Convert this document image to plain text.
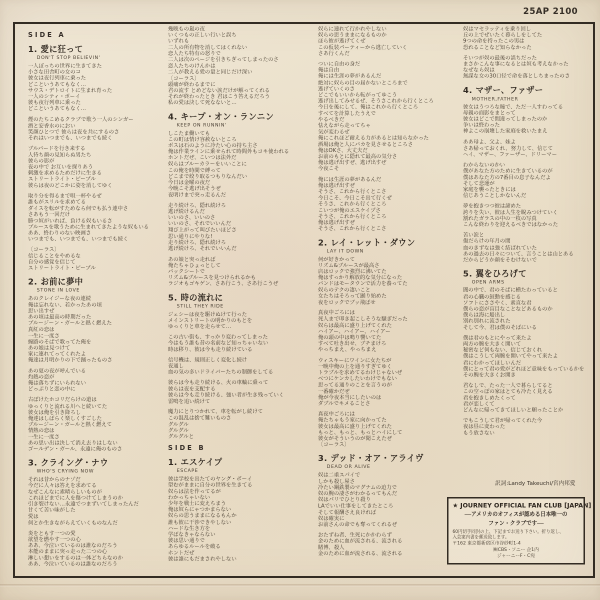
25AP 2100
SIDE A
1. 愛に狂って
DON'T STOP BELIEVIN'
一人ぼっちの世界に生きてきた
小さな田舎町の女のコ
彼女は夜行列車に乗った
どこというあてもなく…
サウス・デトロイトに生まれ育った
一人のシティ・ボーイ
彼も夜行列車に乗った
どこというあてもなく…
煙のたちこめるクラブで歌う一人のシンガー
酒と安香水のにおい
笑顔ひとつで 彼らは夜を共にするのさ
それはいつまでも、いつまでも続く
ブルバードを行き来する
人待ち顔の見知らぬ男たち
彼らの影が
夜の中で お互いを探りあう
刺激を求めるためだけに生きる
ストリートライト・ピープル
彼らは夜のどこかに姿を消してゆく
取り分を得るまで唄一杯やるぜ
誰もがスリルを求めてる
ダイスを転がすためなら何でも払う連中さ
さあもう一回だけ
勝つ奴がいれば、負ける奴もいるさ
ブルースを歌うために生まれてきたような奴もいる
ああ、終わりのない映画さ
いつまでも、いつまでも、いつまでも続く
〔コーラス〕
信じることをやめるな
自分の感覚を信じて
ストリートライト・ピープル
2. お前に夢中
STONE IN LOVE
あのクレイジーな夜の連続
俺は忘れない、若かったあの頃
思い出すぜ
あの頃は最高の時期だった
ブルージーン・ガールと熱く燃えた
真紅の恋は
一生に一度さ
線路のそばで歌ってた俺を
あの娘は見つけて
家に連れてってくれたよ
俺達は月明かりの下で踊ったものさ
あの夏の夜が呼んでいる
灼熱の恋が
俺は落ちずにいられない
どっぷりと恋の中に
古ぼけたホコリだらけの道は
ゆっくりと流れる川へと続いてた
彼女は俺を引き降ろし
俺達はしばらく楽しくすごした
ブルージーン・ガールと熱く燃えて
情熱の恋は
一生に一度さ
あの思い出は決して消え去りはしない
ゴールデン・ガール、永遠に俺のものさ
3. クライング・ナウ
WHO'S CRYING NOW
それは昔からのナゾだ
今だに人々は答えを求めてる
なぜこんなに素晴らしいものが
これほどまでに人を傷つけてしまうのか
引き裂けない…永遠でつまずいてしまったんだ
甘くて苦い味がした
愛は
何とか生きながらえていくものなんだ
炎をともす一つの愛
欲望を燃やす一つの心
ああ、今泣いているのは誰なのだろう
本能のままに突っ走った二つの心
淋しい想いをするのは一体どちらなのか
ああ、今泣いているのは誰なのだろう
幾晩もの嵐の夜
いくつもの正しい行いと誤ち
いずれも
二人の所有物を消してはくれない
恋人たち特有の怒りで
二人は次のページを引きちぎってしまったのさ
恋人たちのけんかは
二人が教える愛の量と同じだけ深い
〔コーラス〕
頭痛が終わるまでに
君の流す とめどない涙だけが解ってくれる
それが終わったとき 君はこう答えるだろう
私の愛は決して死なないと…
4. キープ・オン・ランニン
KEEP ON RUNNIN'
しこたま働いても
この町は情け容赦ないところ
ボスは石のように冷たい心の持ち主さ
俺は作業ラインに乗せられて時間外もコキ使われる
ホントだぜ、こいつは法外だ
奴らはブルーカラーをいいことに
この俺を時間で縛って
どこまで絞り取るつもりなんだい
今日は金曜の夜だ
今晩こそ逃げ出そうぜ
夜明けまで突っ走るんだ
走り続けろ、隠れ続けろ
逃げ続けるんだ
いいのさ、いいのさ
いいのさ、それでいいんだ
翔び上がって叫びたいほどさ
思い通りにやりな!
走り続けろ、隠れ続けろ
逃げ続けろ、それでいいんだ
あの娘と突っ走れば
俺たちゃひょっとして
バックシートで
リズム&ブルースを見つけられるかも
ラジオもゴキゲン、さあ行こう、さあ行こうぜ
5. 時の流れに
STILL THEY RIDE
ジェシーは夜を駆けぬけて行った
メインストリートの明かりのもとを
ゆっくりと車を走らせて…
この古い街も、すっかり変わってしまった
今はもう誰も昔の名前など知っちゃいない
時は移り、彼は今も走り続けている
信号機は、規則正しく変化し続け
夜通し
血の気の多いドライバーたちの制御をしてる
彼らは今も走り続ける、火の車輪に乗って
彼らは夜を支配する
彼らは今も走り続ける、強い者が生き残っていく
雷鳴を追い続けて
魔力にとりつかれて、車を転がし続けて
この混乱は捨て難いものさ
グルグル
グルグル
グルグルと
SIDE B
1. エスケイプ
ESCAPE
彼は学校を出たてのヤング・ボーイ
望むがままに自分の世界を生きてる
奴らは法を作ってるが
わかっちゃいない
少年を戦士に変えちまう
俺は奴らにゃつかまらない
奴らの思うままになるもんか
誰も彼に干渉できやしない
ハードな生き方を
学ばなきゃならない
彼は思い通りで
あらゆるルールを破る
ホントだぜ
彼は誰にもだまされやしない
奴らに連れて行かれやしない
奴らの思うままになるものか
ほら彼が逃げてくぜ
この仮装パーティーから逃亡していく
さあ行くんだ
ついに自由の身だ
俺は自由
俺には生涯の夢があるんだ
絶対に奴らの目の届かないところまで
逃げていくのさ
どこでもいいから転がってゆこう
逃げ出してみせるぜ、そうさこれから行くところ
今日を後にして、俺はこれから行くところ
すべてを計算したうえで
やるべきだ
怯えながら走ってちゃ
気が変わるぜ
俺にこれほど耐える力があるとは知らなかった
酒場は俺と人にバカを見させるところさ
俺はOKさ、大丈夫だ
お前のもとに隠れて最高の気分さ
俺は逃げ出すぜ、逃げ出すぜ
今夜こそ
俺には生涯の夢があるんだ
俺は逃げ出すぜ
そうさ、これから行くとこさ
今日こそ、今日こそ出て行くぜ
そうさ、これから行くところ
こいつが俺のエスケイプさ
そうさ、これから行くところ
俺は逃げ出すぜ
そうさ、これから行くとこさ
2. レイ・レット・ダウン
LAY IT DOWN
何が好きかって
リズム&ブルースが最高さ
店はロックで強烈に沸いてた
俺はすっかり解放的な気分になった
バンドはモータウンで活力を養ってた
奴らのテクの凄いこと
女たちはそろって踊り始めた
夜をロックでブッ飛ばせ
真夜中ごろには
死人まで叩き起こしそうな騒ぎだった
奴らは最高に盛り上げてくれた
ハイアー、ハイアー、ハイアー
俺の頭の中は鳴り響いてた
すべて吐き出せ、ブチまけろ
やっちまえ、やっちまえ
ウィスキーにワインに女たちが
一晩中俺の上を通りすぎてゆく
トラブルを求めてるわけじゃないぜ
べつにケンカしたいわけでもない
思ってる通りのことを言うのが
一番確かだぜ
俺が今夜本当にしたいのは
ダブルでキメることさ
真夜中ごろには
俺たちゃもう家に向かってた
彼女は最高に盛り上げてくれた
もっと、もっと、もっとハイにして
彼女がそういうのが聞こえたぜ
〔コーラス〕
3. デッド・オア・アライヴ
DEAD OR ALIVE
奴は二重スパイで
しかも殺し屋さ
冷たい鋼鉄製のマグナムの迫力で
奴の腕の凄さがわかるってもんだ
奴はパリでひとり殺り
LAでいい仕事をしてきたところ
そして報酬さえ良ければ
奴は確実に
お前さんの命でも奪ってくれるぜ
おたずね者、生死にかかわらず
金のために血が流される、流される
賭博、殺人
金のために血が流される、流される
奴はマセラッティを乗り回し
丘の上でぜいたく暮らしをしてた
9つの命を持ったこの男は
恐れることなど知らなかった
そいつが奴の最後の誤ちだった
まさかこんな事になるとは奴も考えなかった
なぜなら奴は
無謀な女の30口径で命を落としちまったのさ
4. マザー、ファザー
MOTHER,FATHER
彼女はうつろな瞳で、ただ一人すわってる
母親の面影をまとって
彼女はどこで間違ってしまったのか
争いは終わった
神よこの崩壊した家庭を救いたまえ
ああ母よ、父よ、妹よ
さあ帰っておくれ、努力して、信じて
ヘイ、マザー、ファーザー、ドリーマー
わからないのかい
僕があなた方のために生きているのが
僕はあなた方の7番目の息子なんだよ
そして悲運が
家庭を襲ったときには
信じあうことしかないんだ
夢を抱きつつ彼は諦めた
誇りを失い、彼は人生を睨みつけていく
割れたガラスの中の一枚の写真
こんな終わりを迎えるべきではなかった
苦い涙と
傷だらけの年月の間
血のきずなは強く結ばれていた
あの過去の日々について、言うことは山とある
だからどうか顔をそむけないで
5. 翼をひろげて
OPEN ARMS
闇の中で、君のそばに横たわっていると
君の心臓の鼓動を感じる
ソフトにささやく、素直な君
僕らの恋が盲目なことなどあるものか
僕らは海に船出し
別れ別れに流された
そして今、君は僕のそばにいる
僕は君のもとにやって来たよ
両方の腕を大きく開いて
秘密など何もない、信じておくれ
僕はこうして両腕を開いてやって来たよ
君にわかってほしいんだ
僕にとって君の愛がどれほど意味をもっているかを
その腕を大きくお開き
君なしで、たった一人で暮らしてると
この空っぽの家はとても冷たく見える
君を抱きしめたくって
君が恋しくて
どんなに帰ってきてほしいと願ったことか
でもこうして君が帰ってくれた今
夜は昼に変わった
もう放さない
訳詞:Landy Takeuchi/宮内邦愛
★ JOURNEY OFFICIAL FAN CLUB [JAPAN]
──アメリカのオフィスが認める日本唯一の
ファン・クラブです──
60円切手同封の上、下記までお送り下さい。折り返し、
入会案内書を郵送致します。
〒162 東京都新宿区市谷砂町1-4
㈱CBS・ソニー 企1内
ジャーニーF・C宛
